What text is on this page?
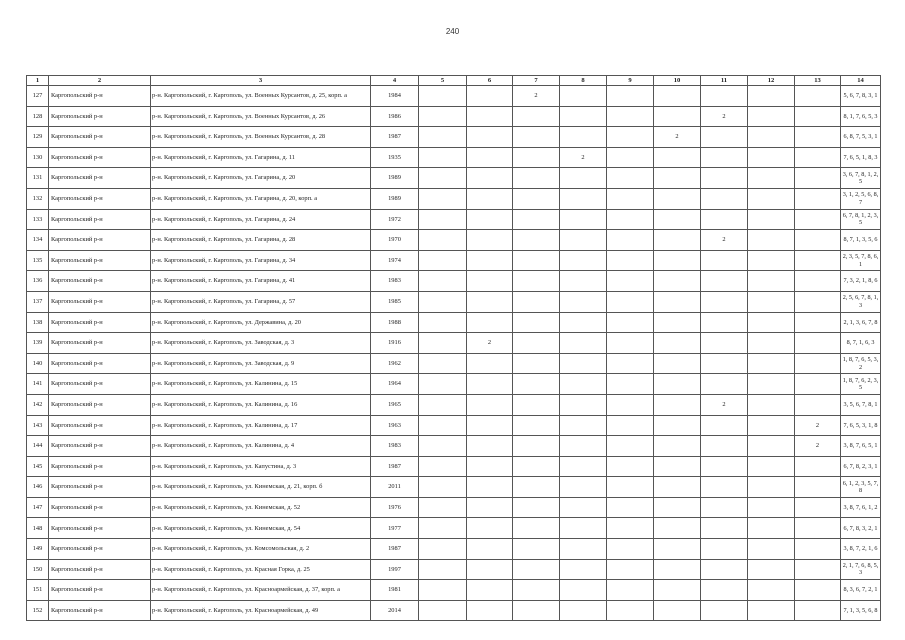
240
1	2	3	4	5	6	7	8	9	10	11	12	13	14
127	Каргопольский р-н	р-н. Каргопольский, г. Каргополь, ул. Военных Курсантов, д. 25, корп. а	1984			2							5, 6, 7, 8, 3, 1
128	Каргопольский р-н	р-н. Каргопольский, г. Каргополь, ул. Военных Курсантов, д. 26	1986							2			8, 1, 7, 6, 5, 3
129	Каргопольский р-н	р-н. Каргопольский, г. Каргополь, ул. Военных Курсантов, д. 28	1987						2				6, 8, 7, 5, 3, 1
130	Каргопольский р-н	р-н. Каргопольский, г. Каргополь, ул. Гагарина, д. 11	1935				2						7, 6, 5, 1, 8, 3
131	Каргопольский р-н	р-н. Каргопольский, г. Каргополь, ул. Гагарина, д. 20	1989										3, 6, 7, 8, 1, 2, 5
132	Каргопольский р-н	р-н. Каргопольский, г. Каргополь, ул. Гагарина, д. 20, корп. а	1989										3, 1, 2, 5, 6, 8, 7
133	Каргопольский р-н	р-н. Каргопольский, г. Каргополь, ул. Гагарина, д. 24	1972										6, 7, 8, 1, 2, 3, 5
134	Каргопольский р-н	р-н. Каргопольский, г. Каргополь, ул. Гагарина, д. 28	1970							2			8, 7, 1, 3, 5, 6
135	Каргопольский р-н	р-н. Каргопольский, г. Каргополь, ул. Гагарина, д. 34	1974										2, 3, 5, 7, 8, 6, 1
136	Каргопольский р-н	р-н. Каргопольский, г. Каргополь, ул. Гагарина, д. 41	1983										7, 3, 2, 1, 8, 6
137	Каргопольский р-н	р-н. Каргопольский, г. Каргополь, ул. Гагарина, д. 57	1985										2, 5, 6, 7, 8, 1, 3
138	Каргопольский р-н	р-н. Каргопольский, г. Каргополь, ул. Державина, д. 20	1988										2, 1, 3, 6, 7, 8
139	Каргопольский р-н	р-н. Каргопольский, г. Каргополь, ул. Заводская, д. 3	1916		2								8, 7, 1, 6, 3
140	Каргопольский р-н	р-н. Каргопольский, г. Каргополь, ул. Заводская, д. 9	1962										1, 8, 7, 6, 5, 3, 2
141	Каргопольский р-н	р-н. Каргопольский, г. Каргополь, ул. Калинина, д. 15	1964										1, 8, 7, 6, 2, 3, 5
142	Каргопольский р-н	р-н. Каргопольский, г. Каргополь, ул. Калинина, д. 16	1965							2			3, 5, 6, 7, 8, 1
143	Каргопольский р-н	р-н. Каргопольский, г. Каргополь, ул. Калинина, д. 17	1963									2	7, 6, 5, 3, 1, 8
144	Каргопольский р-н	р-н. Каргопольский, г. Каргополь, ул. Калинина, д. 4	1983									2	3, 8, 7, 6, 5, 1
145	Каргопольский р-н	р-н. Каргопольский, г. Каргополь, ул. Капустина, д. 3	1987										6, 7, 8, 2, 3, 1
146	Каргопольский р-н	р-н. Каргопольский, г. Каргополь, ул. Кинемская, д. 21, корп. б	2011										6, 1, 2, 3, 5, 7, 8
147	Каргопольский р-н	р-н. Каргопольский, г. Каргополь, ул. Кинемская, д. 52	1976										3, 8, 7, 6, 1, 2
148	Каргопольский р-н	р-н. Каргопольский, г. Каргополь, ул. Кинемская, д. 54	1977										6, 7, 8, 3, 2, 1
149	Каргопольский р-н	р-н. Каргопольский, г. Каргополь, ул. Комсомольская, д. 2	1987										3, 8, 7, 2, 1, 6
150	Каргопольский р-н	р-н. Каргопольский, г. Каргополь, ул. Красная Горка, д. 25	1997										2, 1, 7, 6, 8, 5, 3
151	Каргопольский р-н	р-н. Каргопольский, г. Каргополь, ул. Красноармейская, д. 37, корп. а	1981										8, 3, 6, 7, 2, 1
152	Каргопольский р-н	р-н. Каргопольский, г. Каргополь, ул. Красноармейская, д. 49	2014										7, 1, 3, 5, 6, 8
